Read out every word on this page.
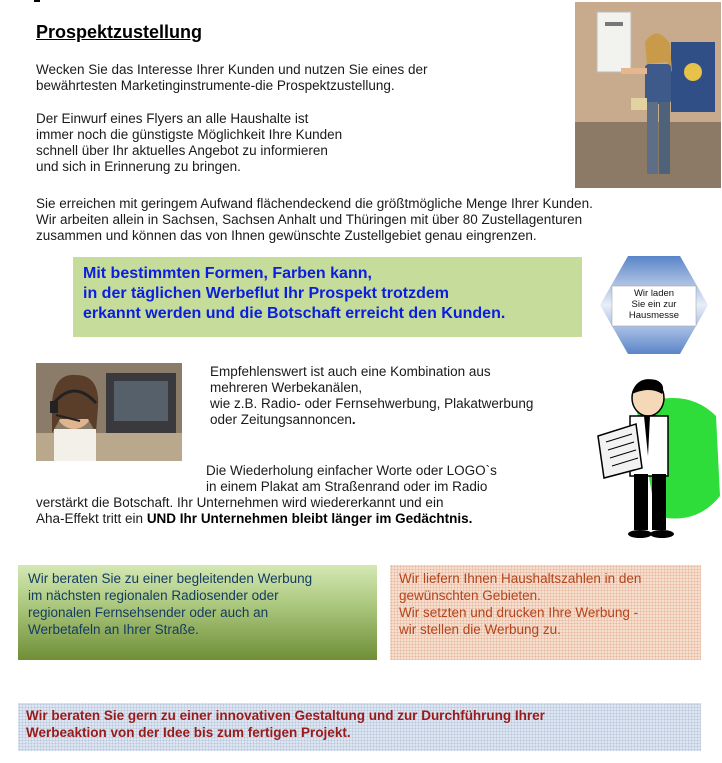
Prospektzustellung

Wecken Sie das Interesse Ihrer Kunden und nutzen Sie eines der
bewährtesten Marketinginstrumente-die Prospektzustellung.

Der Einwurf eines Flyers an alle Haushalte ist
immer noch die günstigste Möglichkeit Ihre Kunden
schnell über Ihr aktuelles Angebot zu informieren
und sich in Erinnerung zu bringen.

Sie erreichen mit geringem Aufwand flächendeckend die größtmögliche Menge Ihrer Kunden.
Wir arbeiten allein in Sachsen, Sachsen Anhalt und Thüringen mit über 80 Zustellagenturen
zusammen und können das von Ihnen gewünschte Zustellgebiet genau eingrenzen.

Mit bestimmten Formen, Farben kann,
in der täglichen Werbeflut Ihr Prospekt trotzdem
erkannt werden und die Botschaft erreicht den Kunden.

Wir laden
Sie ein zur
Hausmesse

Empfehlenswert ist auch eine Kombination aus
mehreren Werbekanälen,
wie z.B. Radio- oder Fernsehwerbung, Plakatwerbung
oder Zeitungsannoncen.

Die Wiederholung einfacher Worte oder LOGO`s
in einem Plakat am Straßenrand oder im Radio

verstärkt die Botschaft. Ihr Unternehmen wird wiedererkannt und ein
Aha-Effekt tritt ein UND Ihr Unternehmen bleibt länger im Gedächtnis.

Wir beraten Sie zu einer begleitenden Werbung
im nächsten regionalen Radiosender oder
regionalen Fernsehsender oder auch an
Werbetafeln an Ihrer Straße.

Wir liefern Ihnen Haushaltszahlen in den
gewünschten Gebieten.
Wir setzten und drucken Ihre Werbung -
wir stellen die Werbung zu.

Wir beraten Sie gern zu einer innovativen Gestaltung und zur Durchführung Ihrer
Werbeaktion von der Idee bis zum fertigen Projekt.
